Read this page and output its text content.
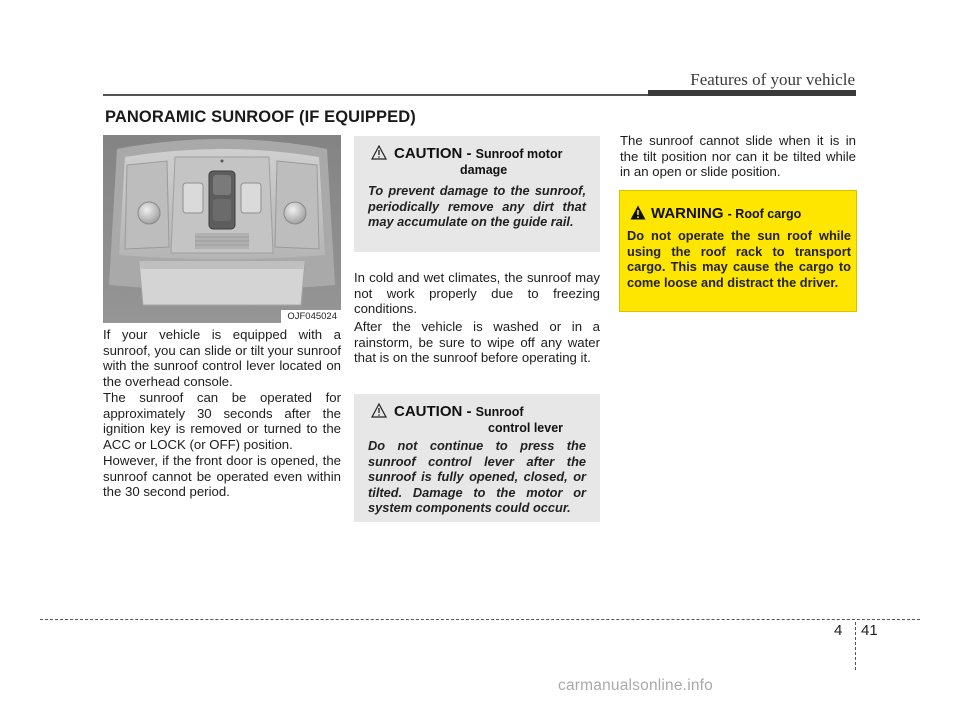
Features of your vehicle
PANORAMIC SUNROOF (IF EQUIPPED)
OJF045024
If your vehicle is equipped with a sunroof, you can slide or tilt your sunroof with the sunroof control lever located on the overhead console.
The sunroof can be operated for approximately 30 seconds after the ignition key is removed or turned to the ACC or LOCK (or OFF) position.
However, if the front door is opened, the sunroof cannot be operated even within the 30 second period.
CAUTION - Sunroof motor
damage
To prevent damage to the sunroof, periodically remove any dirt that may accumulate on the guide rail.
In cold and wet climates, the sunroof may not work properly due to freezing conditions.
After the vehicle is washed or in a rainstorm, be sure to wipe off any water that is on the sunroof before operating it.
CAUTION - Sunroof
control lever
Do not continue to press the sunroof control lever after the sunroof is fully opened, closed, or tilted. Damage to the motor or system components could occur.
The sunroof cannot slide when it is in the tilt position nor can it be tilted while in an open or slide position.
WARNING - Roof cargo
Do not operate the sun roof while using the roof rack to transport cargo. This may cause the cargo to come loose and distract the driver.
4 41
carmanualsonline.info
